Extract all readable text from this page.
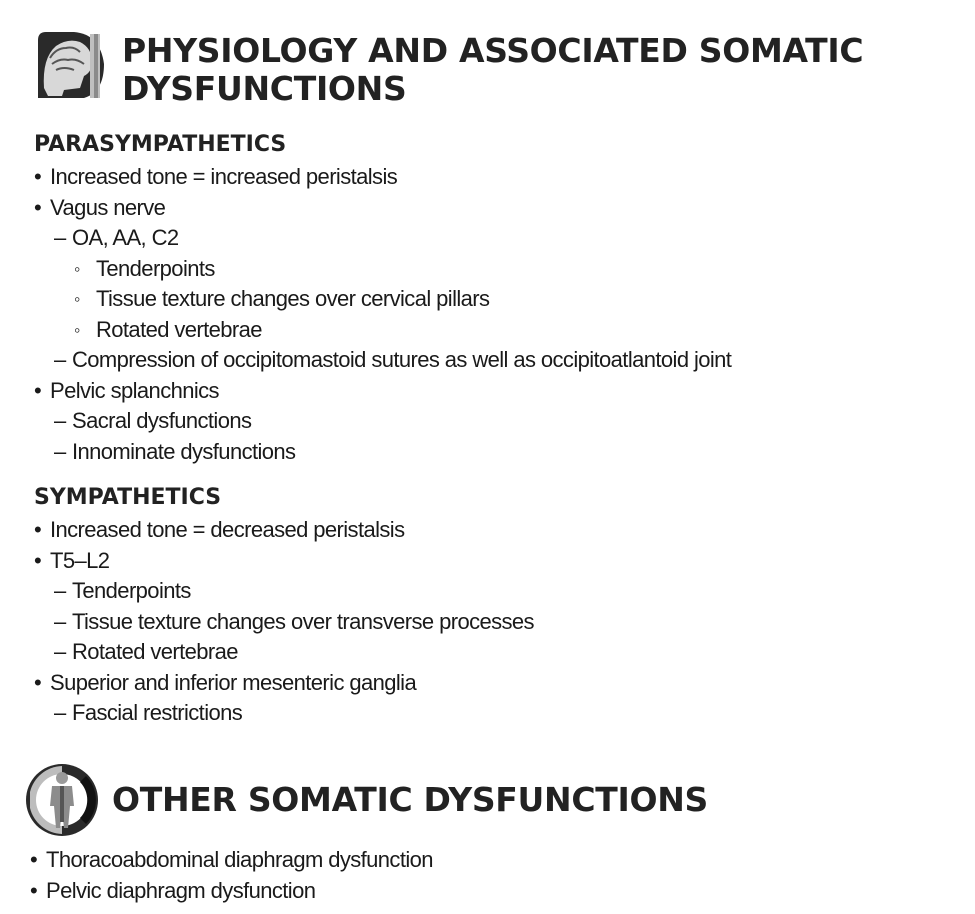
PHYSIOLOGY AND ASSOCIATED SOMATIC
DYSFUNCTIONS
PARASYMPATHETICS
• Increased tone = increased peristalsis
• Vagus nerve
– OA, AA, C2
◦ Tenderpoints
◦ Tissue texture changes over cervical pillars
◦ Rotated vertebrae
– Compression of occipitomastoid sutures as well as occipitoatlantoid joint
• Pelvic splanchnics
– Sacral dysfunctions
– Innominate dysfunctions
SYMPATHETICS
• Increased tone = decreased peristalsis
• T5–L2
– Tenderpoints
– Tissue texture changes over transverse processes
– Rotated vertebrae
• Superior and inferior mesenteric ganglia
– Fascial restrictions
OTHER SOMATIC DYSFUNCTIONS
• Thoracoabdominal diaphragm dysfunction
• Pelvic diaphragm dysfunction
